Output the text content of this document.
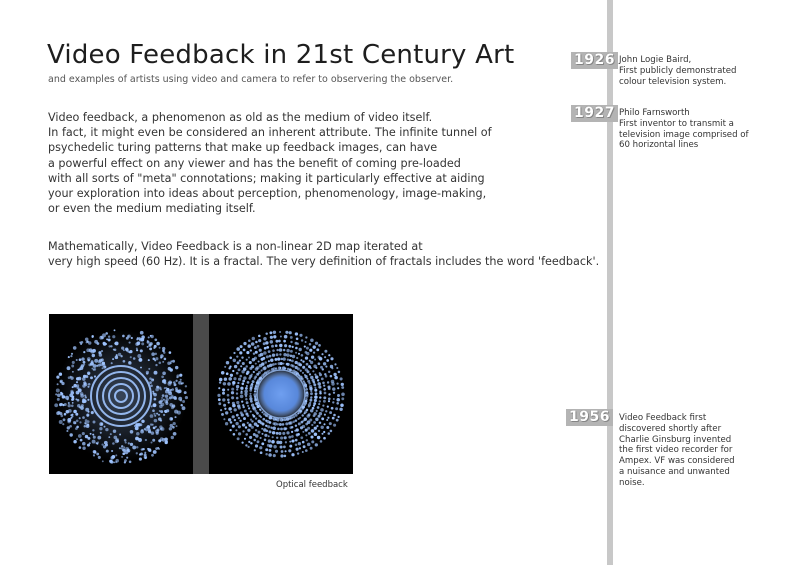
Video Feedback in 21st Century Art
and examples of artists using video and camera to refer to observering the observer.
Video feedback, a phenomenon as old as the medium of video itself.
In fact, it might even be considered an inherent attribute. The infinite tunnel of
psychedelic turing patterns that make up feedback images, can have
a powerful effect on any viewer and has the benefit of coming pre-loaded
with all sorts of "meta" connotations; making it particularly effective at aiding
your exploration into ideas about perception, phenomenology, image-making,
or even the medium mediating itself.
Mathematically, Video Feedback is a non-linear 2D map iterated at
very high speed (60 Hz). It is a fractal. The very definition of fractals includes the word 'feedback'.
Optical feedback
1926 John Logie Baird,
First publicly demonstrated
colour television system.
1927 Philo Farnsworth
First inventor to transmit a
television image comprised of
60 horizontal lines
1956	Video Feedback first
discovered shortly after
Charlie Ginsburg invented
the first video recorder for
Ampex. VF was considered
a nuisance and unwanted
noise.
